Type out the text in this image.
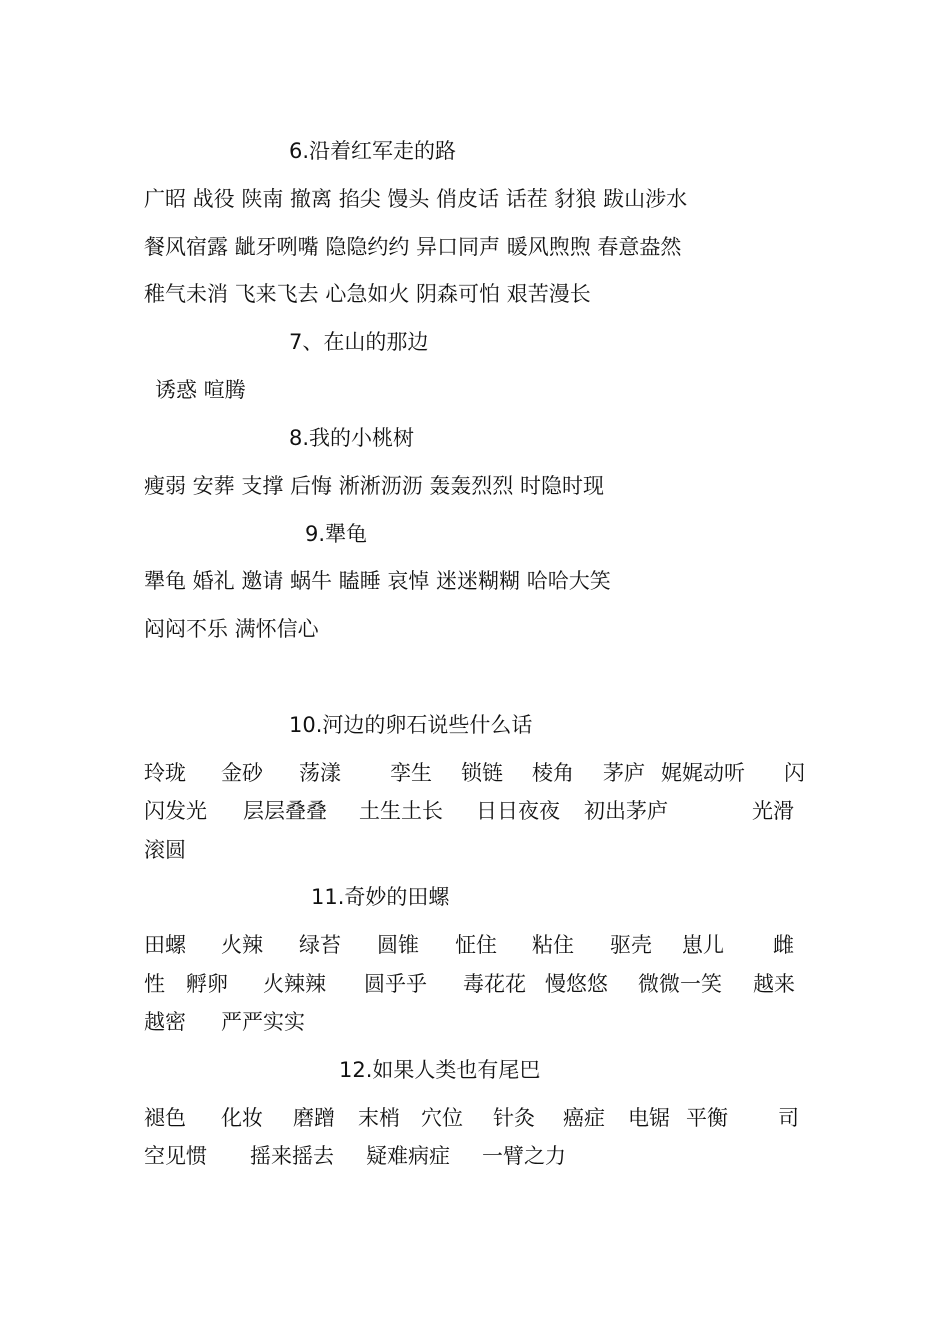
6.沿着红军走的路

广昭 战役 陕南 撤离 掐尖 馒头 俏皮话 话茬 豺狼 跋山涉水

餐风宿露 龇牙咧嘴 隐隐约约 异口同声 暖风煦煦 春意盎然

稚气未消 飞来飞去 心急如火 阴森可怕 艰苦漫长

7、在山的那边

诱惑 喧腾

8.我的小桃树

瘦弱 安葬 支撑 后悔 淅淅沥沥 轰轰烈烈 时隐时现

9.犟龟

犟龟 婚礼 邀请 蜗牛 瞌睡 哀悼 迷迷糊糊 哈哈大笑

闷闷不乐 满怀信心

10.河边的卵石说些什么话

玲珑 金砂 荡漾 孪生 锁链 棱角 茅庐 娓娓动听 闪
闪发光 层层叠叠 土生土长 日日夜夜 初出茅庐	光滑
滚圆

11.奇妙的田螺

田螺 火辣 绿苔 圆锥 怔住 粘住 驱壳 崽儿 雌
性 孵卵 火辣辣 圆乎乎 毒花花 慢悠悠 微微一笑 越来
越密 严严实实

12.如果人类也有尾巴

褪色 化妆 磨蹭 末梢 穴位 针灸 癌症 电锯 平衡 司
空见惯 摇来摇去 疑难病症 一臂之力
